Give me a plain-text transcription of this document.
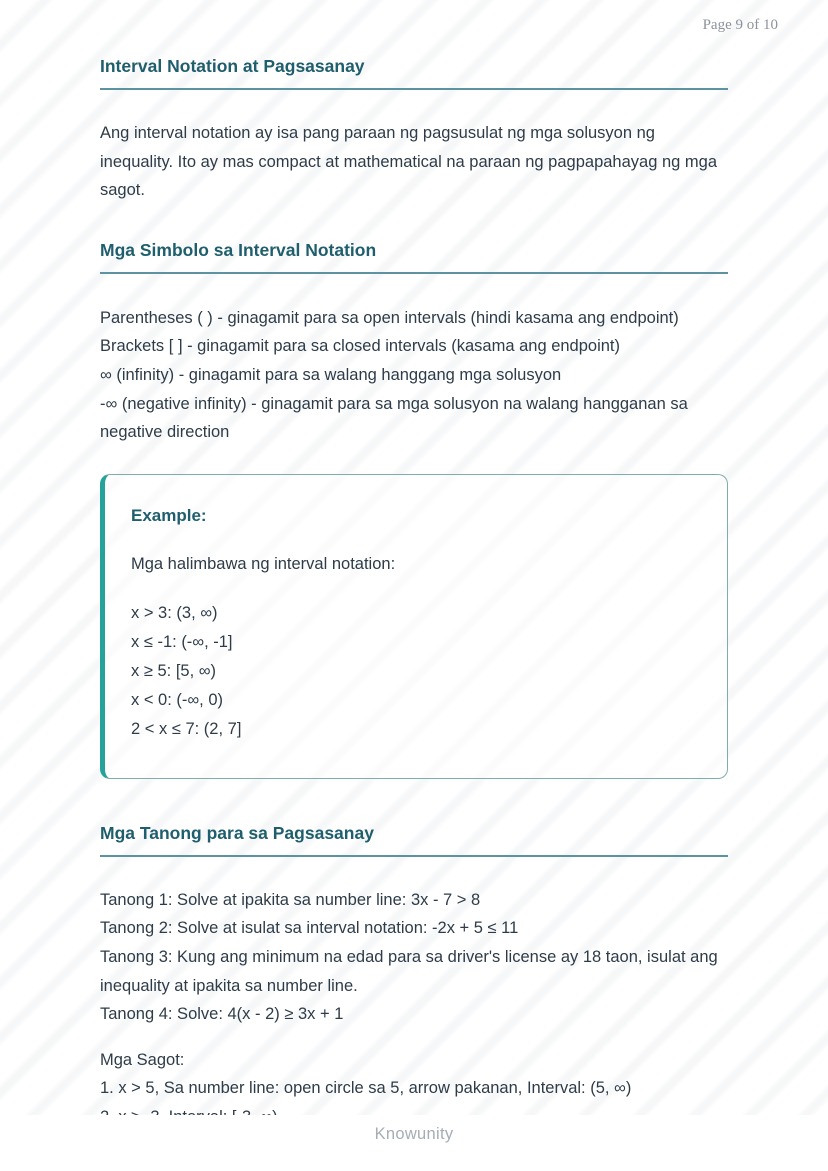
Page 9 of 10
Interval Notation at Pagsasanay
Ang interval notation ay isa pang paraan ng pagsusulat ng mga solusyon ng inequality. Ito ay mas compact at mathematical na paraan ng pagpapahayag ng mga sagot.
Mga Simbolo sa Interval Notation
Parentheses ( ) - ginagamit para sa open intervals (hindi kasama ang endpoint)
Brackets [ ] - ginagamit para sa closed intervals (kasama ang endpoint)
∞ (infinity) - ginagamit para sa walang hanggang mga solusyon
-∞ (negative infinity) - ginagamit para sa mga solusyon na walang hangganan sa negative direction
Example:
Mga halimbawa ng interval notation:
x > 3: (3, ∞)
x ≤ -1: (-∞, -1]
x ≥ 5: [5, ∞)
x < 0: (-∞, 0)
2 < x ≤ 7: (2, 7]
Mga Tanong para sa Pagsasanay
Tanong 1: Solve at ipakita sa number line: 3x - 7 > 8
Tanong 2: Solve at isulat sa interval notation: -2x + 5 ≤ 11
Tanong 3: Kung ang minimum na edad para sa driver's license ay 18 taon, isulat ang inequality at ipakita sa number line.
Tanong 4: Solve: 4(x - 2) ≥ 3x + 1
Mga Sagot:
1. x > 5, Sa number line: open circle sa 5, arrow pakanan, Interval: (5, ∞)
Knowunity
